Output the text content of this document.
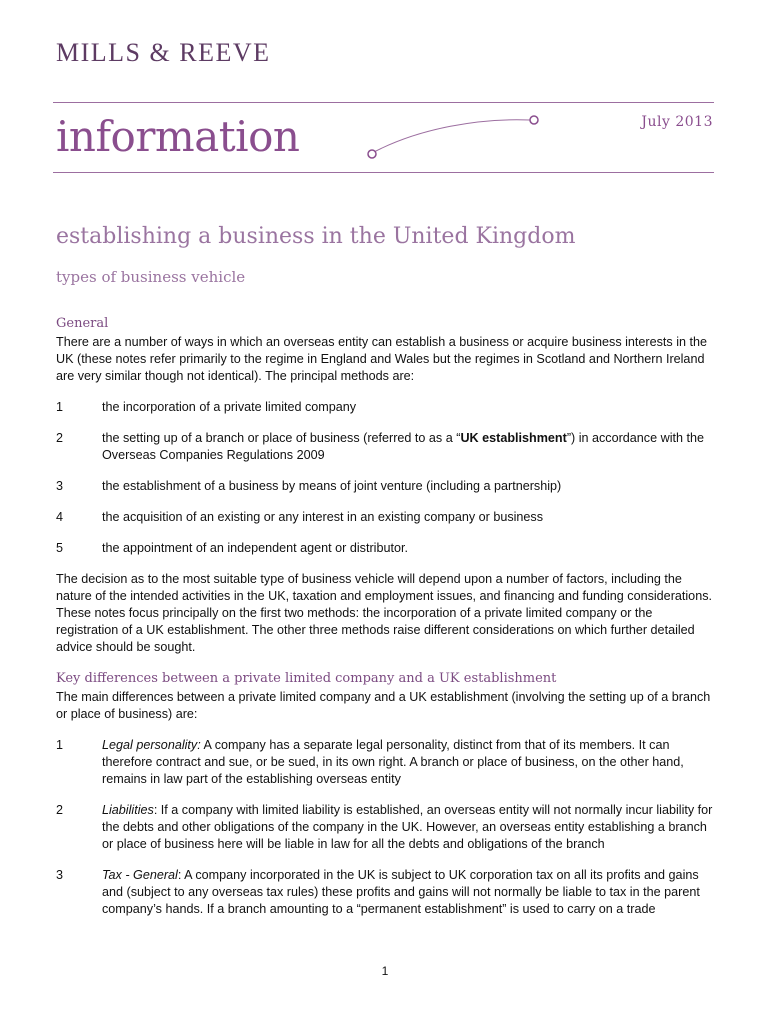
MILLS & REEVE
information	July 2013
establishing a business in the United Kingdom
types of business vehicle
General

There are a number of ways in which an overseas entity can establish a business or acquire business interests in the UK (these notes refer primarily to the regime in England and Wales but the regimes in Scotland and Northern Ireland are very similar though not identical). The principal methods are:

1	the incorporation of a private limited company
2	the setting up of a branch or place of business (referred to as a “UK establishment”) in accordance with the Overseas Companies Regulations 2009
3	the establishment of a business by means of joint venture (including a partnership)
4	the acquisition of an existing or any interest in an existing company or business
5	the appointment of an independent agent or distributor.

The decision as to the most suitable type of business vehicle will depend upon a number of factors, including the nature of the intended activities in the UK, taxation and employment issues, and financing and funding considerations.

These notes focus principally on the first two methods: the incorporation of a private limited company or the registration of a UK establishment. The other three methods raise different considerations on which further detailed advice should be sought.

Key differences between a private limited company and a UK establishment

The main differences between a private limited company and a UK establishment (involving the setting up of a branch or place of business) are:

1	Legal personality: A company has a separate legal personality, distinct from that of its members. It can therefore contract and sue, or be sued, in its own right. A branch or place of business, on the other hand, remains in law part of the establishing overseas entity
2	Liabilities: If a company with limited liability is established, an overseas entity will not normally incur liability for the debts and other obligations of the company in the UK. However, an overseas entity establishing a branch or place of business here will be liable in law for all the debts and obligations of the branch
3	Tax - General: A company incorporated in the UK is subject to UK corporation tax on all its profits and gains and (subject to any overseas tax rules) these profits and gains will not normally be liable to tax in the parent company’s hands. If a branch amounting to a “permanent establishment” is used to carry on a trade
1
